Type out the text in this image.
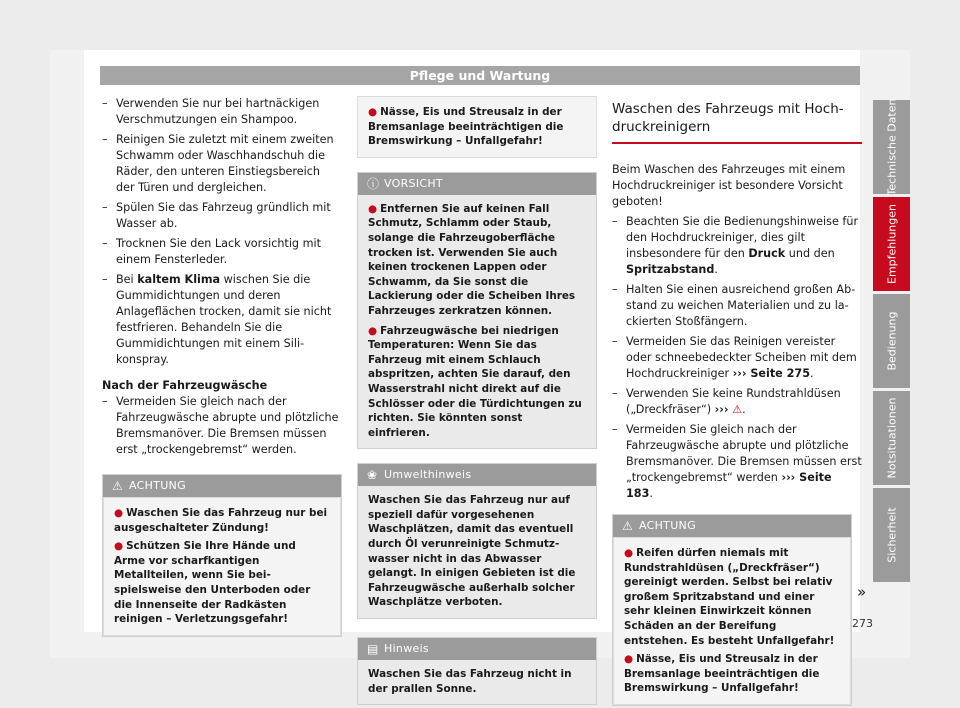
Pflege und Wartung
– Verwenden Sie nur bei hartnäckigen Verschmutzungen ein Shampoo.
– Reinigen Sie zuletzt mit einem zweiten Schwamm oder Waschhandschuh die Räder, den unteren Einstiegsbereich der Türen und dergleichen.
– Spülen Sie das Fahrzeug gründlich mit Wasser ab.
– Trocknen Sie den Lack vorsichtig mit einem Fensterleder.
– Bei kaltem Klima wischen Sie die Gummidichtungen und deren Anlageflächen trocken, damit sie nicht festfrieren. Behandeln Sie die Gummidichtungen mit einem Silikonspray.
Nach der Fahrzeugwäsche
– Vermeiden Sie gleich nach der Fahrzeugwäsche abrupte und plötzliche Bremsmanöver. Die Bremsen müssen erst „trockengebremst“ werden.
⚠ ACHTUNG

● Waschen Sie das Fahrzeug nur bei ausgeschalteter Zündung!

● Schützen Sie Ihre Hände und Arme vor scharfkantigen Metallteilen, wenn Sie beispielsweise den Unterboden oder die Innenseite der Radkästen reinigen – Verletzungsgefahr!

● Nässe, Eis und Streusalz in der Bremsanlage beeinträchtigen die Bremswirkung – Unfallgefahr!

ⓘ VORSICHT

● Entfernen Sie auf keinen Fall Schmutz, Schlamm oder Staub, solange die Fahrzeugoberfläche trocken ist. Verwenden Sie auch keinen trockenen Lappen oder Schwamm, da Sie sonst die Lackierung oder die Scheiben Ihres Fahrzeuges zerkratzen können.

● Fahrzeugwäsche bei niedrigen Temperaturen: Wenn Sie das Fahrzeug mit einem Schlauch abspritzen, achten Sie darauf, den Wasserstrahl nicht direkt auf die Schlösser oder die Türdichtungen zu richten. Sie könnten sonst einfrieren.

❀ Umwelthinweis

Waschen Sie das Fahrzeug nur auf speziell dafür vorgesehenen Waschplätzen, damit das eventuell durch Öl verunreinigte Schmutzwasser nicht in das Abwasser gelangt. In einigen Gebieten ist die Fahrzeugwäsche außerhalb solcher Waschplätze verboten.

▤ Hinweis

Waschen Sie das Fahrzeug nicht in der prallen Sonne.

Waschen des Fahrzeugs mit Hochdruckreinigern

Beim Waschen des Fahrzeuges mit einem Hochdruckreiniger ist besondere Vorsicht geboten!

– Beachten Sie die Bedienungshinweise für den Hochdruckreiniger, dies gilt insbesondere für den Druck und den Spritzabstand.
– Halten Sie einen ausreichend großen Abstand zu weichen Materialien und zu lackierten Stoßfängern.
– Vermeiden Sie das Reinigen vereister oder schneebedeckter Scheiben mit dem Hochdruckreiniger ››› Seite 275.
– Verwenden Sie keine Rundstrahldüsen („Dreckfräser“) ››› ⚠.
– Vermeiden Sie gleich nach der Fahrzeugwäsche abrupte und plötzliche Bremsmanöver. Die Bremsen müssen erst „trockengebremst“ werden ››› Seite 183.
⚠ ACHTUNG

● Reifen dürfen niemals mit Rundstrahldüsen („Dreckfräser“) gereinigt werden. Selbst bei relativ großem Spritzabstand und einer sehr kleinen Einwirkzeit können Schäden an der Bereifung entstehen. Es besteht Unfallgefahr!

● Nässe, Eis und Streusalz in der Bremsanlage beeinträchtigen die Bremswirkung – Unfallgefahr!

»
Technische Daten
Empfehlungen
Bedienung
Notsituationen
Sicherheit
273
